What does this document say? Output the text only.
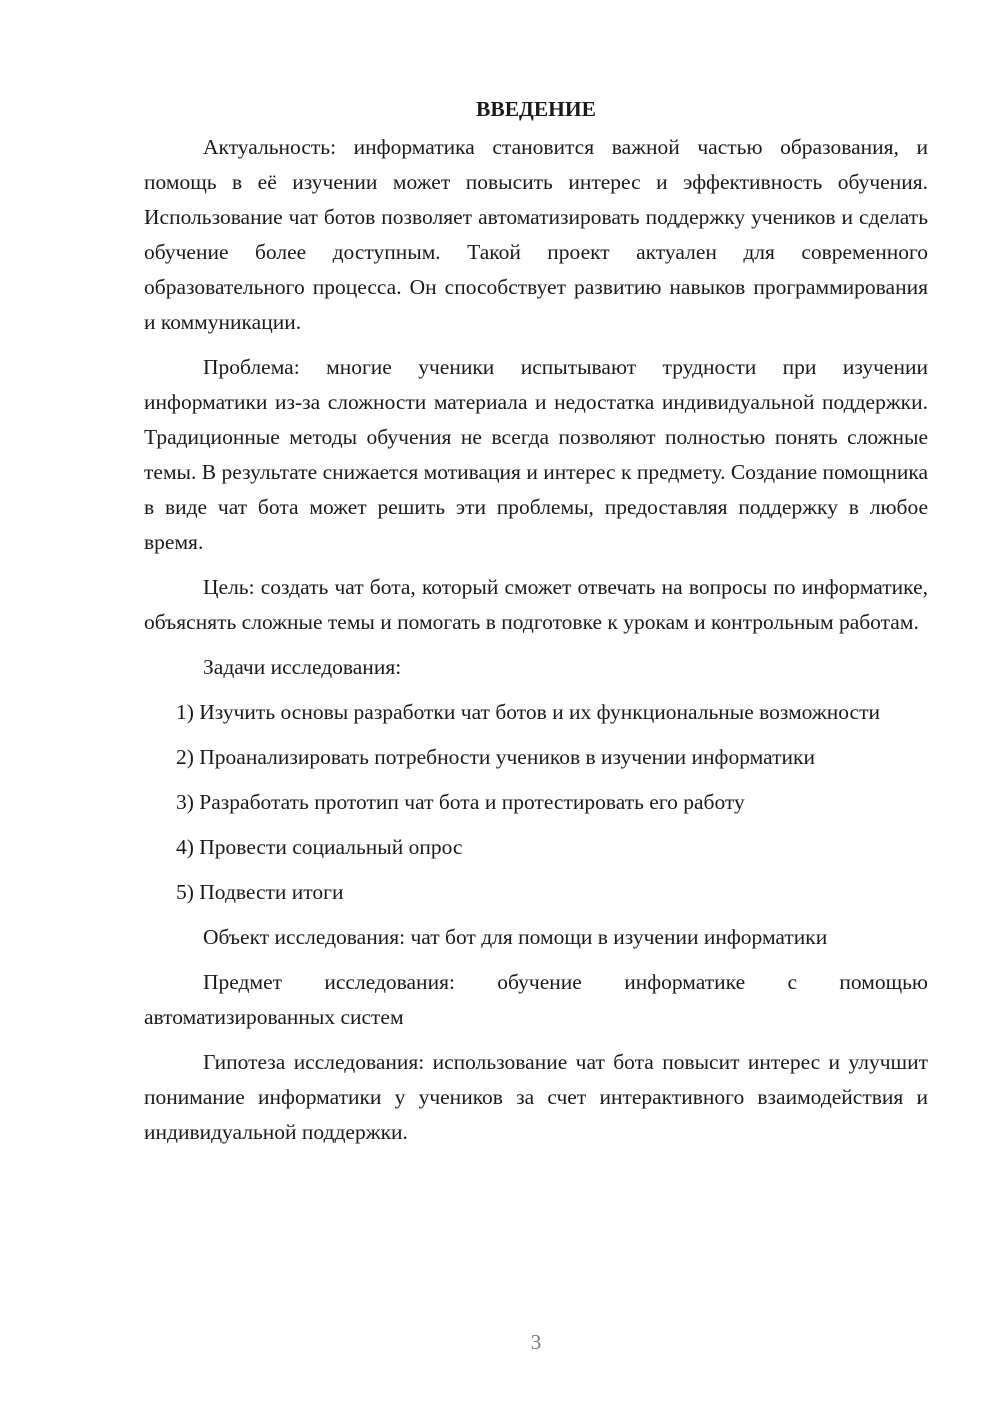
ВВЕДЕНИЕ

Актуальность: информатика становится важной частью образования, и помощь в её изучении может повысить интерес и эффективность обучения. Использование чат ботов позволяет автоматизировать поддержку учеников и сделать обучение более доступным. Такой проект актуален для современного образовательного процесса. Он способствует развитию навыков программирования и коммуникации.

Проблема: многие ученики испытывают трудности при изучении информатики из-за сложности материала и недостатка индивидуальной поддержки. Традиционные методы обучения не всегда позволяют полностью понять сложные темы. В результате снижается мотивация и интерес к предмету. Создание помощника в виде чат бота может решить эти проблемы, предоставляя поддержку в любое время.

Цель: создать чат бота, который сможет отвечать на вопросы по информатике, объяснять сложные темы и помогать в подготовке к урокам и контрольным работам.

Задачи исследования:

1) Изучить основы разработки чат ботов и их функциональные возможности

2) Проанализировать потребности учеников в изучении информатики

3) Разработать прототип чат бота и протестировать его работу

4) Провести социальный опрос

5) Подвести итоги

Объект исследования: чат бот для помощи в изучении информатики

Предмет исследования: обучение информатике с помощью автоматизированных систем

Гипотеза исследования: использование чат бота повысит интерес и улучшит понимание информатики у учеников за счет интерактивного взаимодействия и индивидуальной поддержки.

3
